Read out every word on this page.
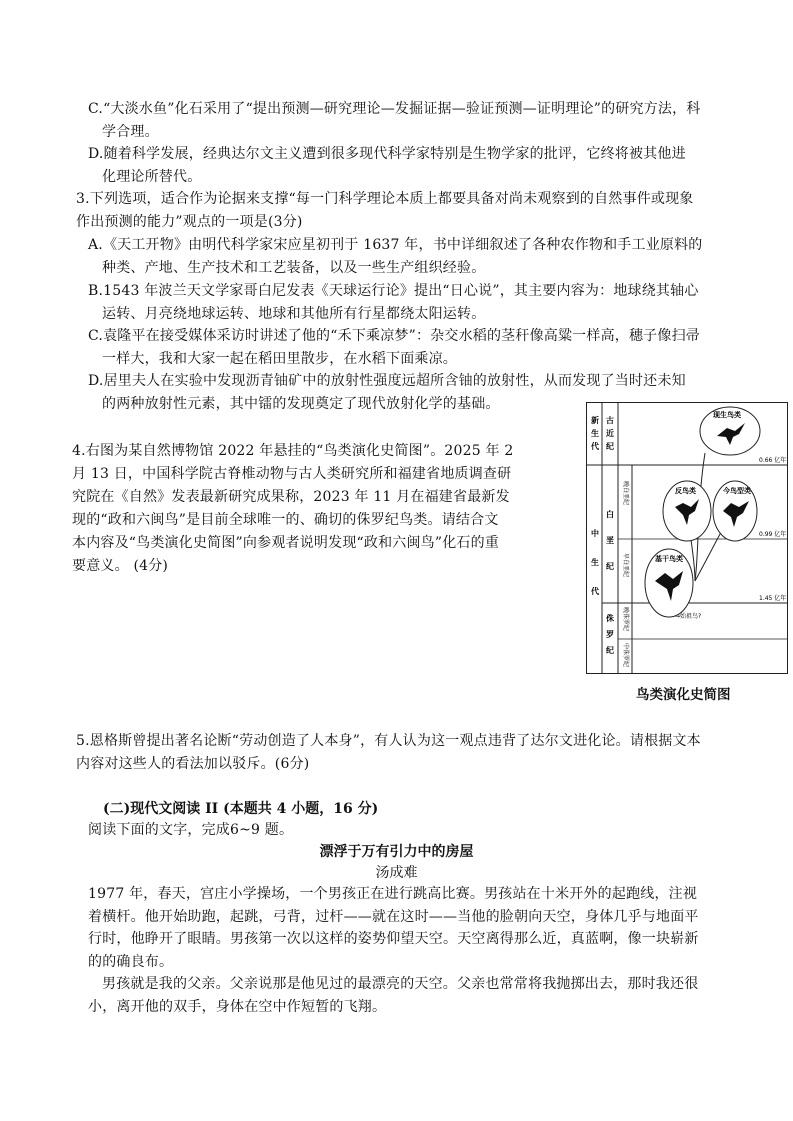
C.“大淡水鱼”化石采用了“提出预测—研究理论—发掘证据—验证预测—证明理论”的研究方法，科
学合理。
D.随着科学发展，经典达尔文主义遭到很多现代科学家特别是生物学家的批评，它终将被其他进
化理论所替代。
3.下列选项，适合作为论据来支撑“每一门科学理论本质上都要具备对尚未观察到的自然事件或现象
作出预测的能力”观点的一项是(3分)
A.《天工开物》由明代科学家宋应星初刊于 1637 年，书中详细叙述了各种农作物和手工业原料的
种类、产地、生产技术和工艺装备，以及一些生产组织经验。
B.1543 年波兰天文学家哥白尼发表《天球运行论》提出“日心说”，其主要内容为：地球绕其轴心
运转、月亮绕地球运转、地球和其他所有行星都绕太阳运转。
C.袁隆平在接受媒体采访时讲述了他的“禾下乘凉梦”：杂交水稻的茎秆像高粱一样高，穗子像扫帚
一样大，我和大家一起在稻田里散步，在水稻下面乘凉。
D.居里夫人在实验中发现沥青铀矿中的放射性强度远超所含铀的放射性，从而发现了当时还未知
的两种放射性元素，其中镭的发现奠定了现代放射化学的基础。
4.右图为某自然博物馆 2022 年悬挂的“鸟类演化史简图”。2025 年 2
月 13 日，中国科学院古脊椎动物与古人类研究所和福建省地质调查研
究院在《自然》发表最新研究成果称，2023 年 11 月在福建省最新发
现的“政和六闽鸟”是目前全球唯一的、确切的侏罗纪鸟类。请结合文
本内容及“鸟类演化史简图”向参观者说明发现“政和六闽鸟”化石的重
要意义。 (4分)
新
生
代
中
生
代
古
近
纪
白
垩
纪
侏
罗
纪
晚白垩纪
早白垩纪
晚侏罗纪
中侏罗纪
0.66 亿年
0.99 亿年
1.45 亿年
现生鸟类
反鸟类	今鸟型类
基干鸟类
→始祖鸟?
鸟类演化史简图
5.恩格斯曾提出著名论断“劳动创造了人本身”，有人认为这一观点违背了达尔文进化论。请根据文本
内容对这些人的看法加以驳斥。(6分)
(二)现代文阅读 II (本题共 4 小题，16 分)
阅读下面的文字，完成6~9 题。
漂浮于万有引力中的房屋
汤成难
1977 年，春天，宫庄小学操场，一个男孩正在进行跳高比赛。男孩站在十米开外的起跑线，注视
着横杆。他开始助跑，起跳，弓背，过杆——就在这时——当他的脸朝向天空，身体几乎与地面平
行时，他睁开了眼睛。男孩第一次以这样的姿势仰望天空。天空离得那么近，真蓝啊，像一块崭新
的的确良布。
男孩就是我的父亲。父亲说那是他见过的最漂亮的天空。父亲也常常将我抛掷出去，那时我还很
小，离开他的双手，身体在空中作短暂的飞翔。
